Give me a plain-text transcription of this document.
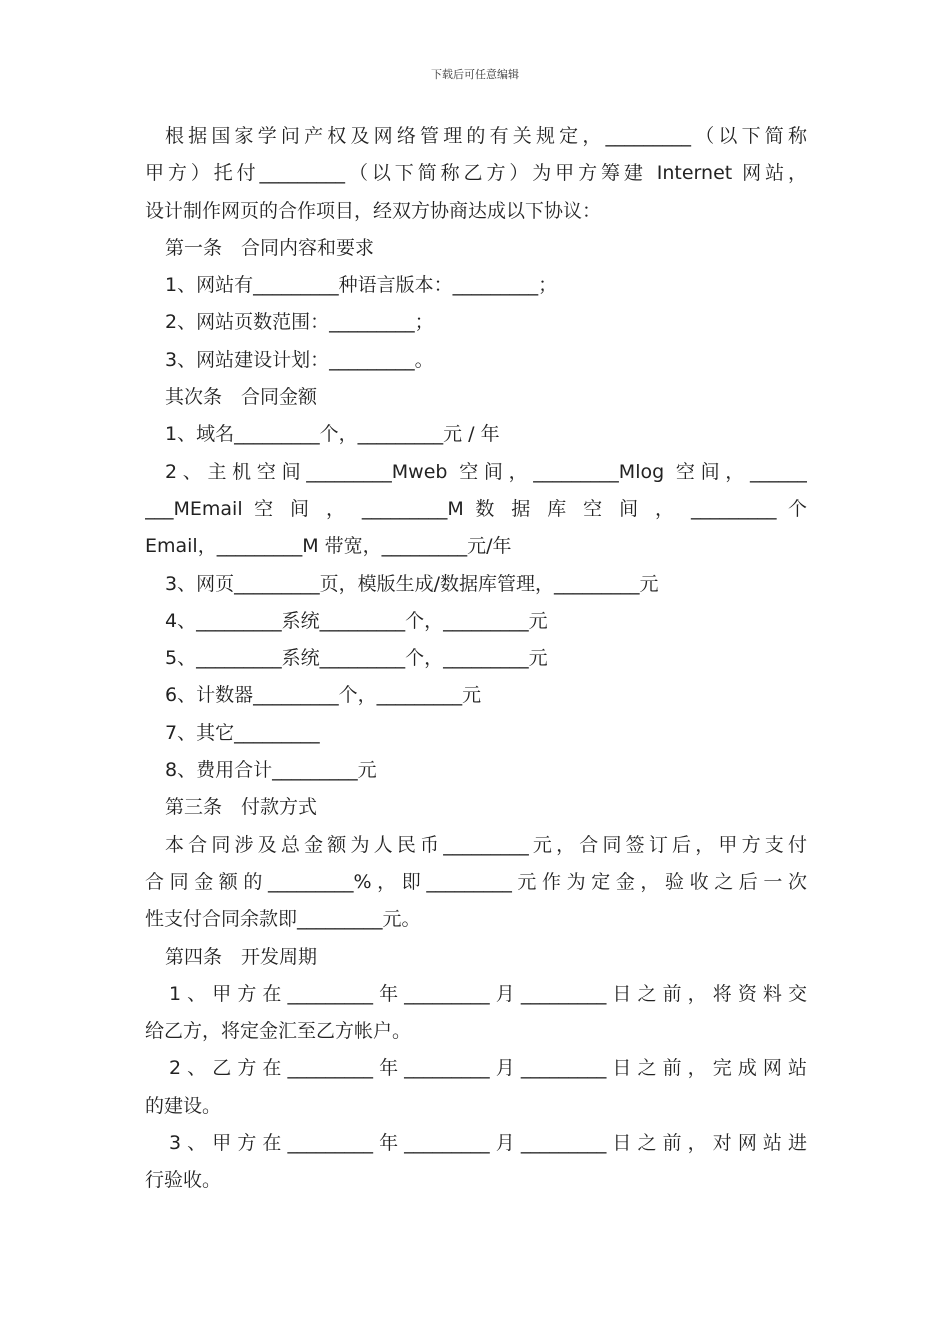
下载后可任意编辑
根据国家学问产权及网络管理的有关规定，_________（以下简称
甲方）托付_________（以下简称乙方）为甲方筹建 Internet 网站，
设计制作网页的合作项目，经双方协商达成以下协议：
第一条　合同内容和要求
1、网站有_________种语言版本：_________；
2、网站页数范围：_________；
3、网站建设计划：_________。
其次条　合同金额
1、域名_________个，_________元 / 年
2、主机空间_________Mweb 空间，_________Mlog 空间，______
___MEmail 空 间 ， _________M 数 据 库 空 间 ， _________ 个
Email，_________M 带宽，_________元/年
3、网页_________页，模版生成/数据库管理，_________元
4、_________系统_________个，_________元
5、_________系统_________个，_________元
6、计数器_________个，_________元
7、其它_________
8、费用合计_________元
第三条　付款方式
本合同涉及总金额为人民币_________元，合同签订后，甲方支付
合同金额的_________%，即_________元作为定金，验收之后一次
性支付合同余款即_________元。
第四条　开发周期
1、甲方在_________年_________月_________日之前，将资料交
给乙方，将定金汇至乙方帐户。
2、乙方在_________年_________月_________日之前，完成网站
的建设。
3、甲方在_________年_________月_________日之前，对网站进
行验收。
